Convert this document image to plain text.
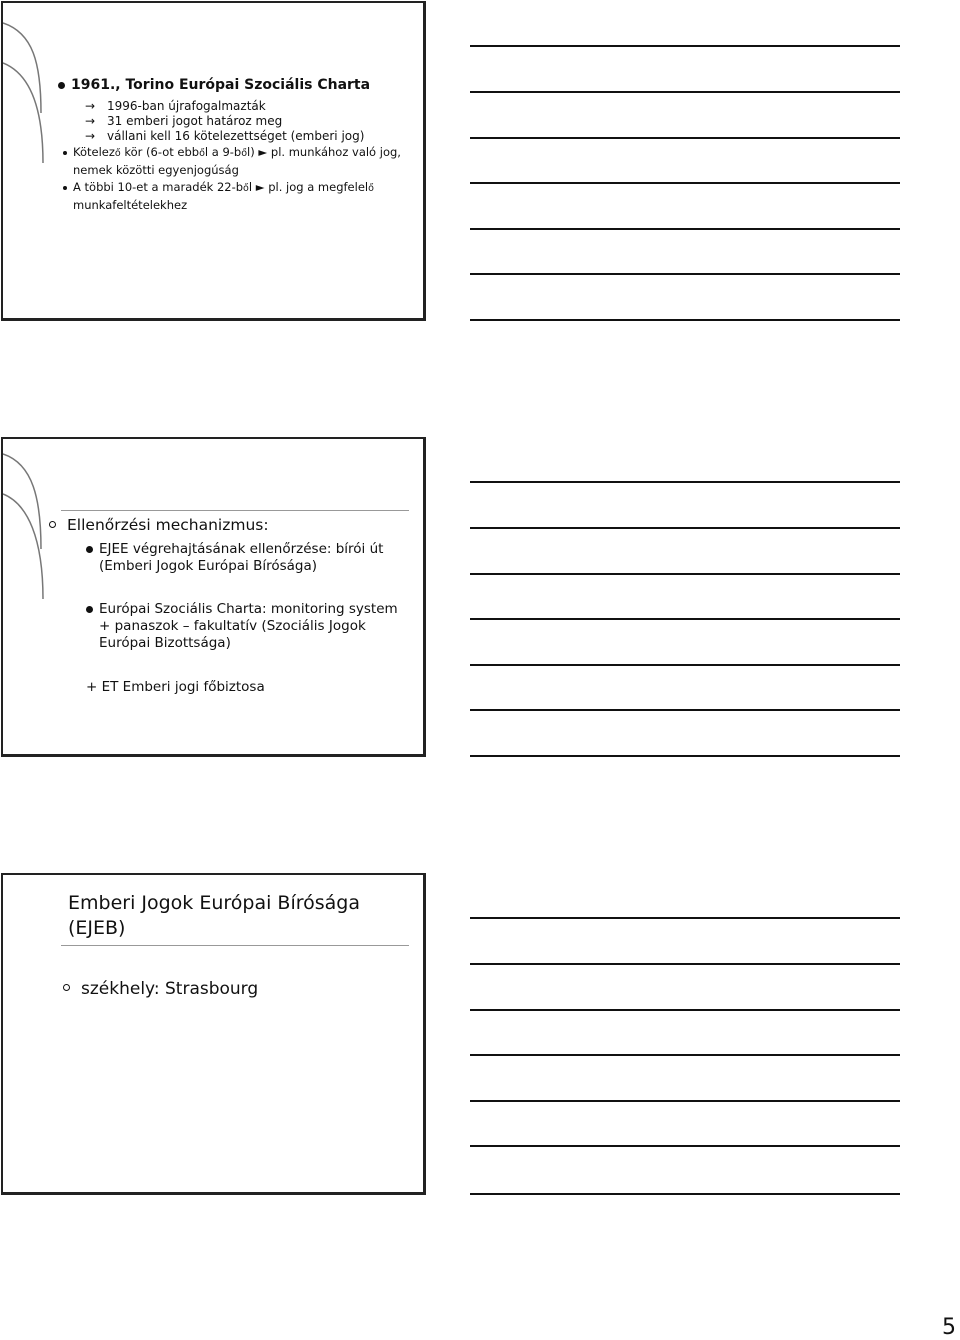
1961., Torino Európai Szociális Charta
→ 1996-ban újrafogalmazták
→ 31 emberi jogot határoz meg
→ vállani kell 16 kötelezettséget (emberi jog)
Kötelező kör (6-ot ebből a 9-ből) ► pl. munkához való jog, nemek közötti egyenjogúság
A többi 10-et a maradék 22-ből ► pl. jog a megfelelő munkafeltételekhez
Ellenőrzési mechanizmus:
EJEE végrehajtásának ellenőrzése: bírói út (Emberi Jogok Európai Bírósága)
Európai Szociális Charta: monitoring system + panaszok – fakultatív (Szociális Jogok Európai Bizottsága)
+ ET Emberi jogi főbiztosa
Emberi Jogok Európai Bírósága (EJEB)
székhely: Strasbourg
5
